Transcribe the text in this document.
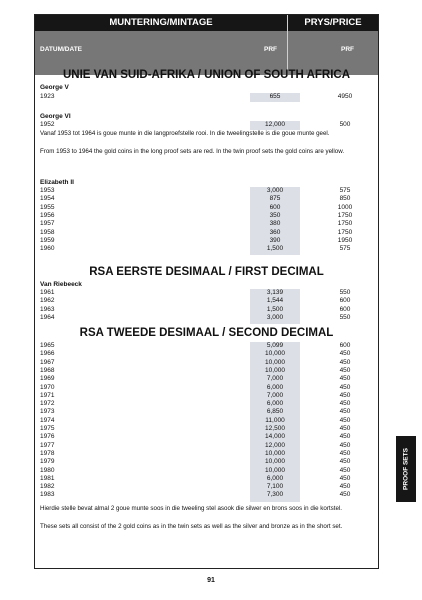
MUNTERING/MINTAGE	PRYS/PRICE
DATUM/DATE	PRF	PRF
UNIE VAN SUID-AFRIKA / UNION OF SOUTH AFRICA
George V
1923	655	4950
George VI
1952	12,000	500
Vanaf 1953 tot 1964 is goue munte in die langproefstelle rooi. In die tweelingstelle is die goue munte geel.
From 1953 to 1964 the gold coins in the long proof sets are red. In the twin proof sets the gold coins are yellow.
Elizabeth II
1953	3,000	575
1954	875	850
1955	600	1000
1956	350	1750
1957	380	1750
1958	360	1750
1959	390	1950
1960	1,500	575
RSA EERSTE DESIMAAL / FIRST DECIMAL
Van Riebeeck
1961	3,139	550
1962	1,544	600
1963	1,500	600
1964	3,000	550
RSA TWEEDE DESIMAAL / SECOND DECIMAL
1965	5,099	600
1966	10,000	450
1967	10,000	450
1968	10,000	450
1969	7,000	450
1970	6,000	450
1971	7,000	450
1972	6,000	450
1973	6,850	450
1974	11,000	450
1975	12,500	450
1976	14,000	450
1977	12,000	450
1978	10,000	450
1979	10,000	450
1980	10,000	450
1981	6,000	450
1982	7,100	450
1983	7,300	450
Hierdie stelle bevat almal 2 goue munte soos in die tweeling stel asook die silwer en brons soos in die kortstel.
These sets all consist of the 2 gold coins as in the twin sets as well as the silver and bronze as in the short set.
PROOF SETS
91
